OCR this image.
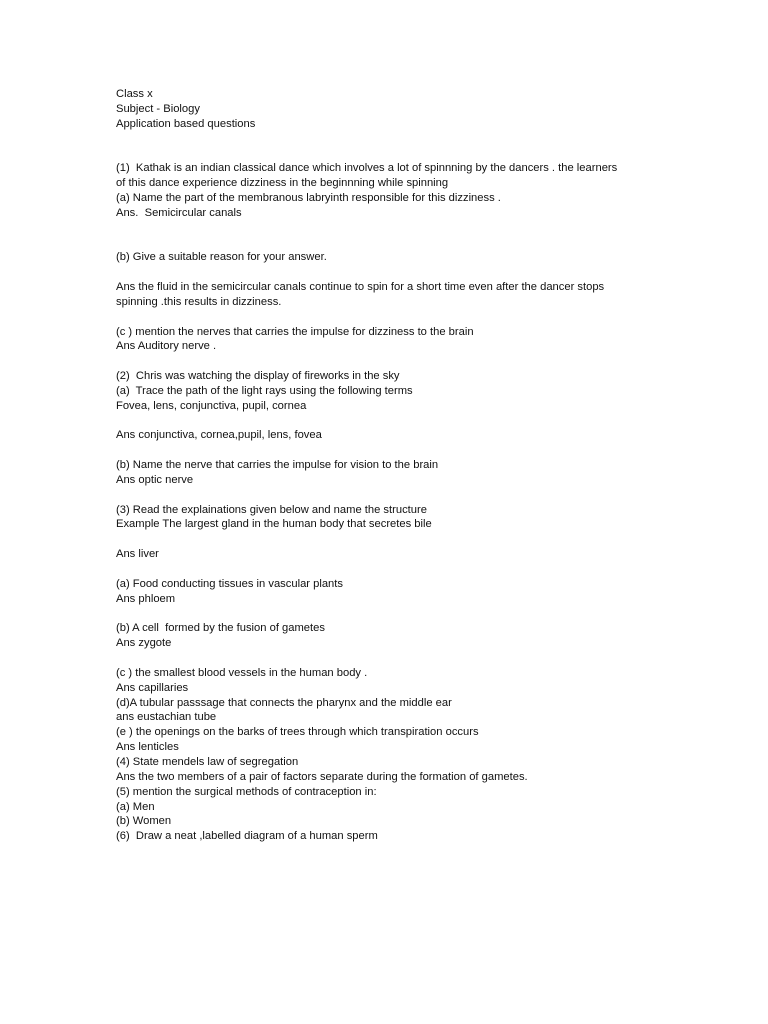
Class x
Subject - Biology
Application based questions
(1)  Kathak is an indian classical dance which involves a lot of spinnning by the dancers . the learners
of this dance experience dizziness in the beginnning while spinning
(a) Name the part of the membranous labryinth responsible for this dizziness .
Ans.  Semicircular canals
(b) Give a suitable reason for your answer.
Ans the fluid in the semicircular canals continue to spin for a short time even after the dancer stops
spinning .this results in dizziness.
(c ) mention the nerves that carries the impulse for dizziness to the brain
Ans Auditory nerve .
(2)  Chris was watching the display of fireworks in the sky
(a)  Trace the path of the light rays using the following terms
Fovea, lens, conjunctiva, pupil, cornea
Ans conjunctiva, cornea,pupil, lens, fovea
(b) Name the nerve that carries the impulse for vision to the brain
Ans optic nerve
(3) Read the explainations given below and name the structure
Example The largest gland in the human body that secretes bile
Ans liver
(a) Food conducting tissues in vascular plants
Ans phloem
(b) A cell  formed by the fusion of gametes
Ans zygote
(c ) the smallest blood vessels in the human body .
Ans capillaries
(d)A tubular passsage that connects the pharynx and the middle ear
ans eustachian tube
(e ) the openings on the barks of trees through which transpiration occurs
Ans lenticles
(4) State mendels law of segregation
Ans the two members of a pair of factors separate during the formation of gametes.
(5) mention the surgical methods of contraception in:
(a) Men
(b) Women
(6)  Draw a neat ,labelled diagram of a human sperm
